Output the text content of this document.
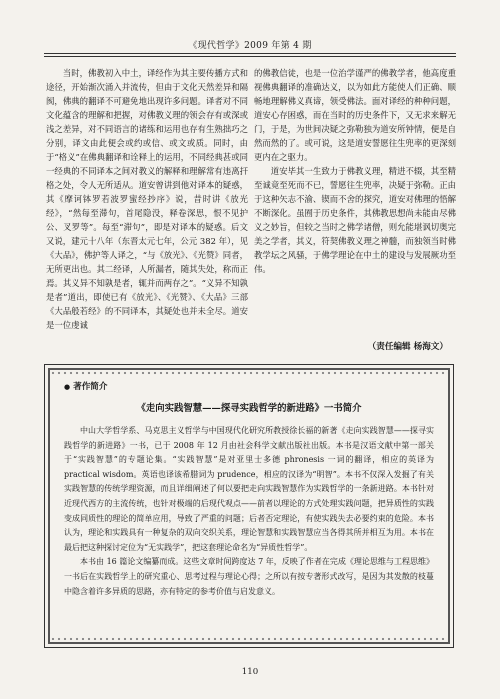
《现代哲学》2009 年第 4 期

当时，佛教初入中土，译经作为其主要传播方式和途径，开始渐次涌入并流传，但由于文化天然差异和隔阂，佛典的翻译不可避免地出现许多问题。译者对不同文化蕴含的理解和把握，对佛教义理的领会存有或深或浅之差异，对不同语言的诸练和运用也存有生熟拙巧之分别，译文由此便会或约或信、或文或质。同时，由于“格义”在佛典翻译和诠释上的运用，不同经典甚或同一经典的不同译本之间对教义的解释和理解常有违离扞格之处，令人无所适从。道安曾讲到他对译本的疑惑，其《摩诃钵罗若波罗蜜经抄序》说，昔时讲《放光经》，“然每至滞句，首尾隐没，释卷深思，恨不见护公、叉罗等”。每至“滞句”，即是对译本的疑惑。后文又说，建元十八年（东晋太元七年，公元 382 年），见《大品》，佛护等人译之，“与《放光》、《光赞》同者，无所更出也。其二经译，人所漏者，随其失处，称而正焉。其义异不知孰是者，辄并而两存之”。“义异不知孰是者”道出，即使已有《放光》、《光赞》、《大品》三部《大品般若经》的不同译本，其疑处也并未全尽。道安是一位虔诚

的佛教信徒，也是一位治学谨严的佛教学者，他高度重视佛典翻译的准确达义，以为如此方能使人们正确、顺畅地理解佛义真谛，领受佛法。面对译经的种种问题，道安心存困惑，而在当时的历史条件下，又无求来解无门，于是，为世间决疑之弥勒独为道安所钟情，便是自然而然的了。或可说，这是道安誓愿往生兜率的更深刻更内在之驱力。

道安毕其一生致力于佛教义理，精进不辍，其至精至诚竟至死而不已，誓愿往生兜率，决疑于弥勒。正由于这种矢志不渝、锲而不舍的探究，道安对佛理的悟解不断深化。虽囿于历史条件，其佛教思想尚未能由尽佛义之妙旨，但较之当时之佛学诸僧，则允能堪讽切奥完美之学者，其义，符契佛教义理之神髓，而独领当时佛教学坛之风骚，于佛学理论在中土的建设与发展厥功至伟。

（责任编辑 杨海文）
● 著作简介
《走向实践智慧——探寻实践哲学的新进路》一书简介

中山大学哲学系、马克思主义哲学与中国现代化研究所教授徐长福的新著《走向实践智慧——探寻实践哲学的新进路》一书，已于 2008 年 12 月由社会科学文献出版社出版。本书是汉语文献中第一部关于“实践智慧”的专题论集。“实践智慧”是对亚里士多德 phronesis 一词的翻译，相应的英译为 practical wisdom。英语也译该希腊词为 prudence，相应的汉译为“明智”。本书不仅深入发掘了有关实践智慧的传统学理资源，而且详细阐述了何以要把走向实践智慧作为实践哲学的一条新进路。本书针对近现代西方的主流传统，也针对极端的后现代观点——前者以理论的方式处理实践问题，把异质性的实践变成同质性的理论的简单应用，导致了严重的问题；后者否定理论，有使实践失去必要约束的危险。本书认为，理论和实践具有一种复杂的双向交织关系，理论智慧和实践智慧应当各得其所并相互为用。本书在最后把这种探讨定位为“无实践学”，把这套理论命名为“异质性哲学”。

本书由 16 篇论文编纂而成。这些文章时间跨度达 7 年，反映了作者在完成《理论思维与工程思维》一书后在实践哲学上的研究重心、思考过程与理论心得；之所以有按专著形式改写，是因为其发散的枝蔓中隐含着许多异质的思路，亦有特定的参考价值与启发意义。

110
